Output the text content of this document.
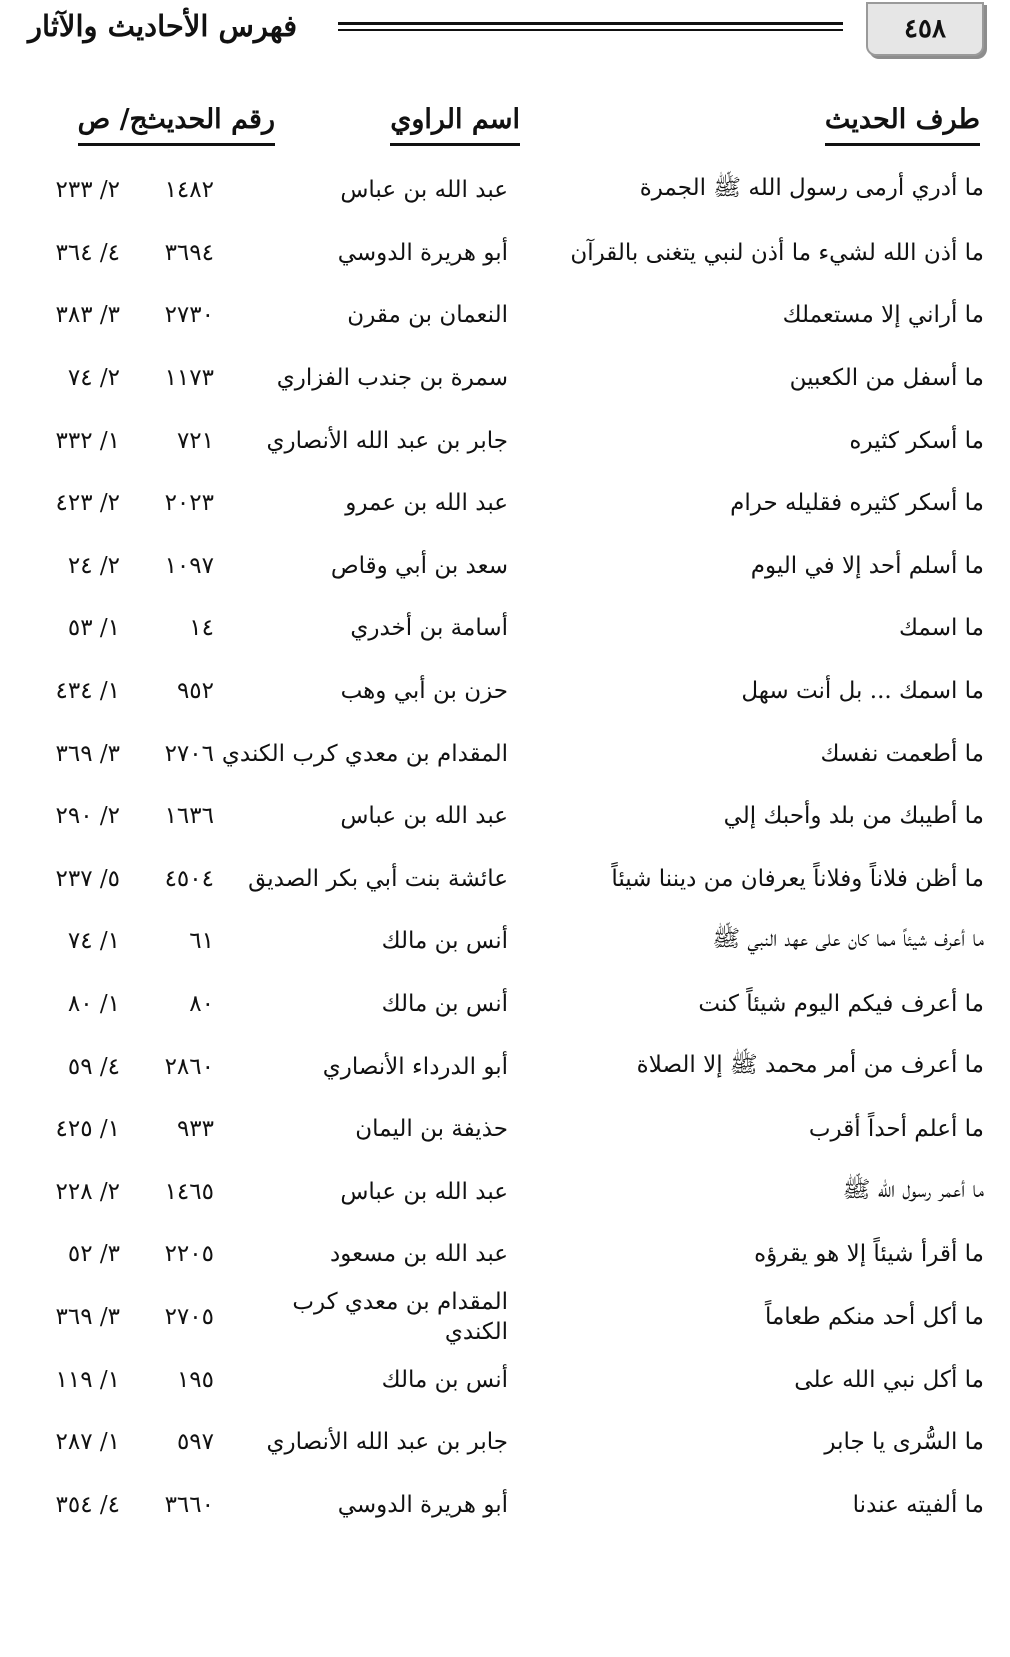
٤٥٨
فهرس الأحاديث والآثار
طرف الحديث
اسم الراوي
رقم الحديث
ج/ ص
ما أدري أرمى رسول الله ﷺ الجمرة
عبد الله بن عباس
١٤٨٢
٢/ ٢٣٣
ما أذن الله لشيء ما أذن لنبي يتغنى بالقرآن
أبو هريرة الدوسي
٣٦٩٤
٤/ ٣٦٤
ما أراني إلا مستعملك
النعمان بن مقرن
٢٧٣٠
٣/ ٣٨٣
ما أسفل من الكعبين
سمرة بن جندب الفزاري
١١٧٣
٢/ ٧٤
ما أسكر كثيره
جابر بن عبد الله الأنصاري
٧٢١
١/ ٣٣٢
ما أسكر كثيره فقليله حرام
عبد الله بن عمرو
٢٠٢٣
٢/ ٤٢٣
ما أسلم أحد إلا في اليوم
سعد بن أبي وقاص
١٠٩٧
٢/ ٢٤
ما اسمك
أسامة بن أخدري
١٤
١/ ٥٣
ما اسمك ... بل أنت سهل
حزن بن أبي وهب
٩٥٢
١/ ٤٣٤
ما أطعمت نفسك
المقدام بن معدي كرب الكندي
٢٧٠٦
٣/ ٣٦٩
ما أطيبك من بلد وأحبك إلي
عبد الله بن عباس
١٦٣٦
٢/ ٢٩٠
ما أظن فلاناً وفلاناً يعرفان من ديننا شيئاً
عائشة بنت أبي بكر الصديق
٤٥٠٤
٥/ ٢٣٧
ما أعرف شيئاً مما كان على عهد النبي ﷺ
أنس بن مالك
٦١
١/ ٧٤
ما أعرف فيكم اليوم شيئاً كنت
أنس بن مالك
٨٠
١/ ٨٠
ما أعرف من أمر محمد ﷺ إلا الصلاة
أبو الدرداء الأنصاري
٢٨٦٠
٤/ ٥٩
ما أعلم أحداً أقرب
حذيفة بن اليمان
٩٣٣
١/ ٤٢٥
ما أعمر رسول الله ﷺ
عبد الله بن عباس
١٤٦٥
٢/ ٢٢٨
ما أقرأ شيئاً إلا هو يقرؤه
عبد الله بن مسعود
٢٢٠٥
٣/ ٥٢
ما أكل أحد منكم طعاماً
المقدام بن معدي كرب الكندي
٢٧٠٥
٣/ ٣٦٩
ما أكل نبي الله على
أنس بن مالك
١٩٥
١/ ١١٩
ما السُّرى يا جابر
جابر بن عبد الله الأنصاري
٥٩٧
١/ ٢٨٧
ما ألفيته عندنا
أبو هريرة الدوسي
٣٦٦٠
٤/ ٣٥٤
